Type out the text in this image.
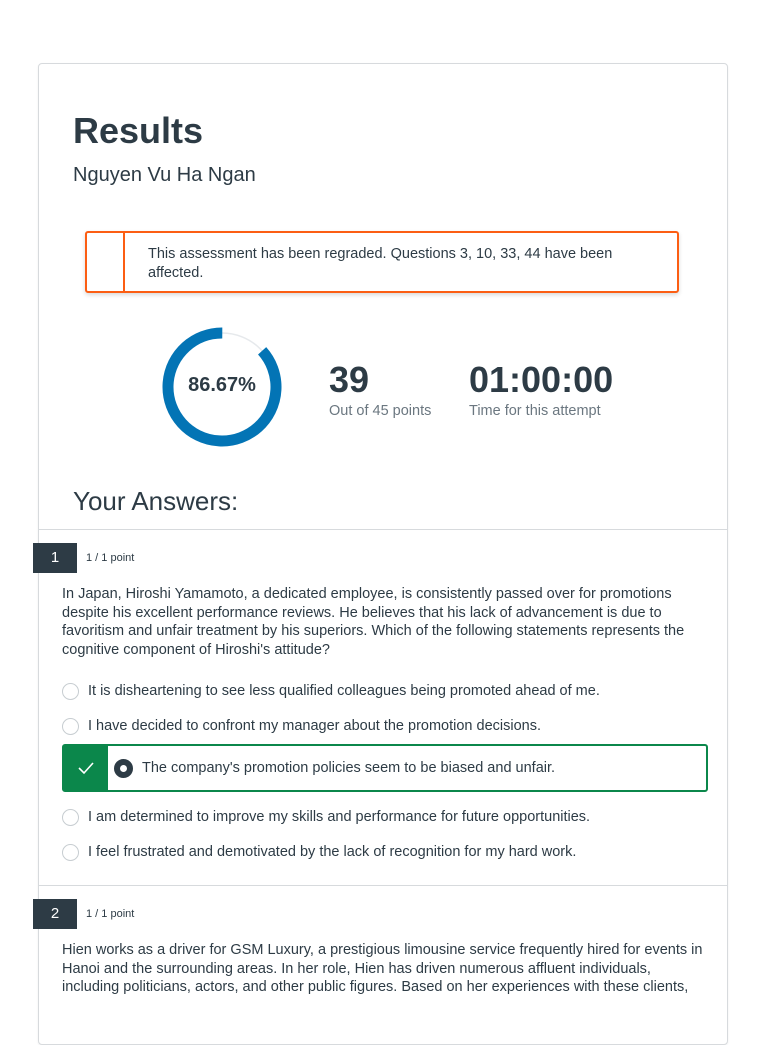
Results
Nguyen Vu Ha Ngan
This assessment has been regraded. Questions 3, 10, 33, 44 have been affected.
86.67%	39
Out of 45 points
01:00:00
Time for this attempt
Your Answers:
1	1 / 1 point
In Japan, Hiroshi Yamamoto, a dedicated employee, is consistently passed over for promotions despite his excellent performance reviews. He believes that his lack of advancement is due to favoritism and unfair treatment by his superiors. Which of the following statements represents the cognitive component of Hiroshi's attitude?
It is disheartening to see less qualified colleagues being promoted ahead of me.
I have decided to confront my manager about the promotion decisions.
The company's promotion policies seem to be biased and unfair.
I am determined to improve my skills and performance for future opportunities.
I feel frustrated and demotivated by the lack of recognition for my hard work.
2	1 / 1 point
Hien works as a driver for GSM Luxury, a prestigious limousine service frequently hired for events in Hanoi and the surrounding areas. In her role, Hien has driven numerous affluent individuals, including politicians, actors, and other public figures. Based on her experiences with these clients,
